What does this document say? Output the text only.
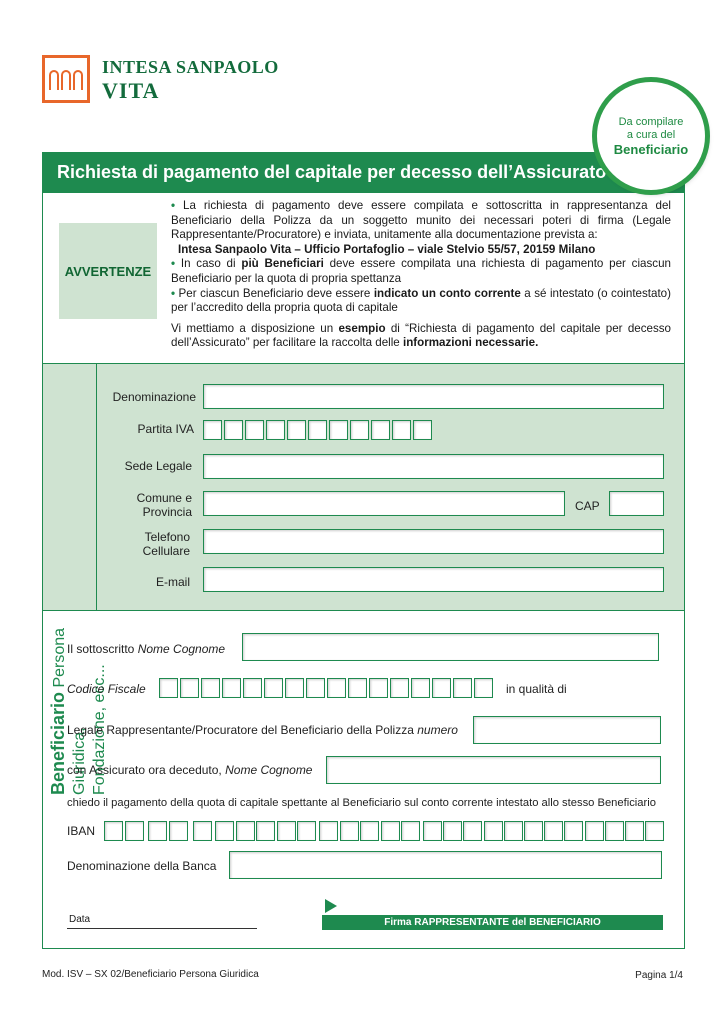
INTESA SANPAOLO
VITA
Da compilare
a cura del
Beneficiario
Richiesta di pagamento del capitale per decesso dell’Assicurato
AVVERTENZE

• La richiesta di pagamento deve essere compilata e sottoscritta in rappresentanza del Beneficiario della Polizza da un soggetto munito dei necessari poteri di firma (Legale Rappresentante/Procuratore) e inviata, unitamente alla documentazione prevista a:

Intesa Sanpaolo Vita – Ufficio Portafoglio – viale Stelvio 55/57, 20159 Milano

• In caso di più Beneficiari deve essere compilata una richiesta di pagamento per ciascun Beneficiario per la quota di propria spettanza

• Per ciascun Beneficiario deve essere indicato un conto corrente a sé intestato (o cointestato) per l’accredito della propria quota di capitale

Vi mettiamo a disposizione un esempio di “Richiesta di pagamento del capitale per decesso dell’Assicurato” per facilitare la raccolta delle informazioni necessarie.

Beneficiario Persona Giuridica, Fondazione, ecc...
Denominazione
Partita IVA
Sede Legale
Comune e
Provincia	CAP
Telefono
Cellulare
E-mail
Il sottoscritto Nome Cognome
Codice Fiscale	in qualità di
Legale Rappresentante/Procuratore del Beneficiario della Polizza numero
con Assicurato ora deceduto, Nome Cognome
chiedo il pagamento della quota di capitale spettante al Beneficiario sul conto corrente intestato allo stesso Beneficiario
IBAN
Denominazione della Banca
Data	Firma RAPPRESENTANTE del BENEFICIARIO
Mod. ISV – SX 02/Beneficiario Persona Giuridica	Pagina 1/4
